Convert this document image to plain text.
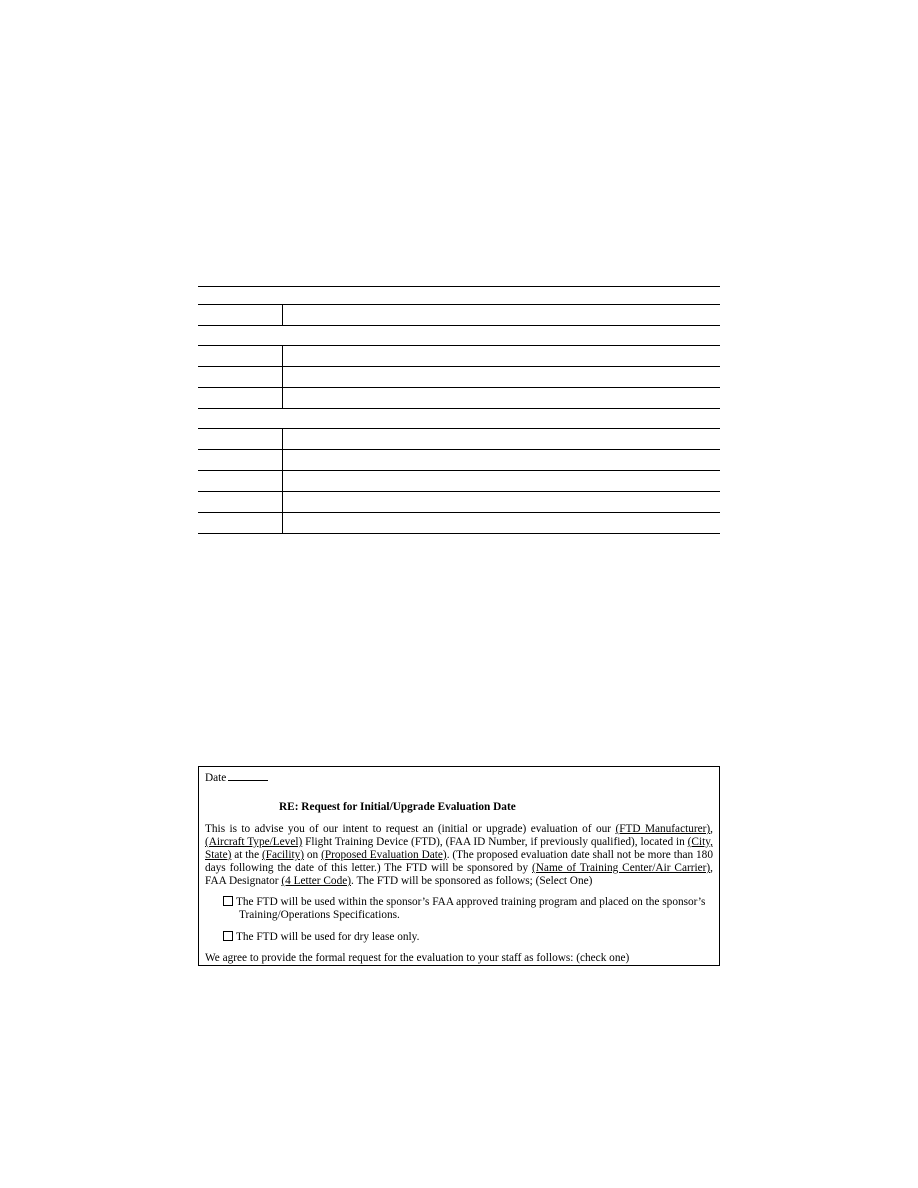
Date
RE: Request for Initial/Upgrade Evaluation Date
This is to advise you of our intent to request an (initial or upgrade) evaluation of our (FTD Manufacturer), (Aircraft Type/Level) Flight Training Device (FTD), (FAA ID Number, if previously qualified), located in (City, State) at the (Facility) on (Proposed Evaluation Date). (The proposed evaluation date shall not be more than 180 days following the date of this letter.) The FTD will be sponsored by (Name of Training Center/Air Carrier), FAA Designator (4 Letter Code). The FTD will be sponsored as follows; (Select One)
The FTD will be used within the sponsor’s FAA approved training program and placed on the sponsor’s
Training/Operations Specifications.
The FTD will be used for dry lease only.
We agree to provide the formal request for the evaluation to your staff as follows: (check one)
